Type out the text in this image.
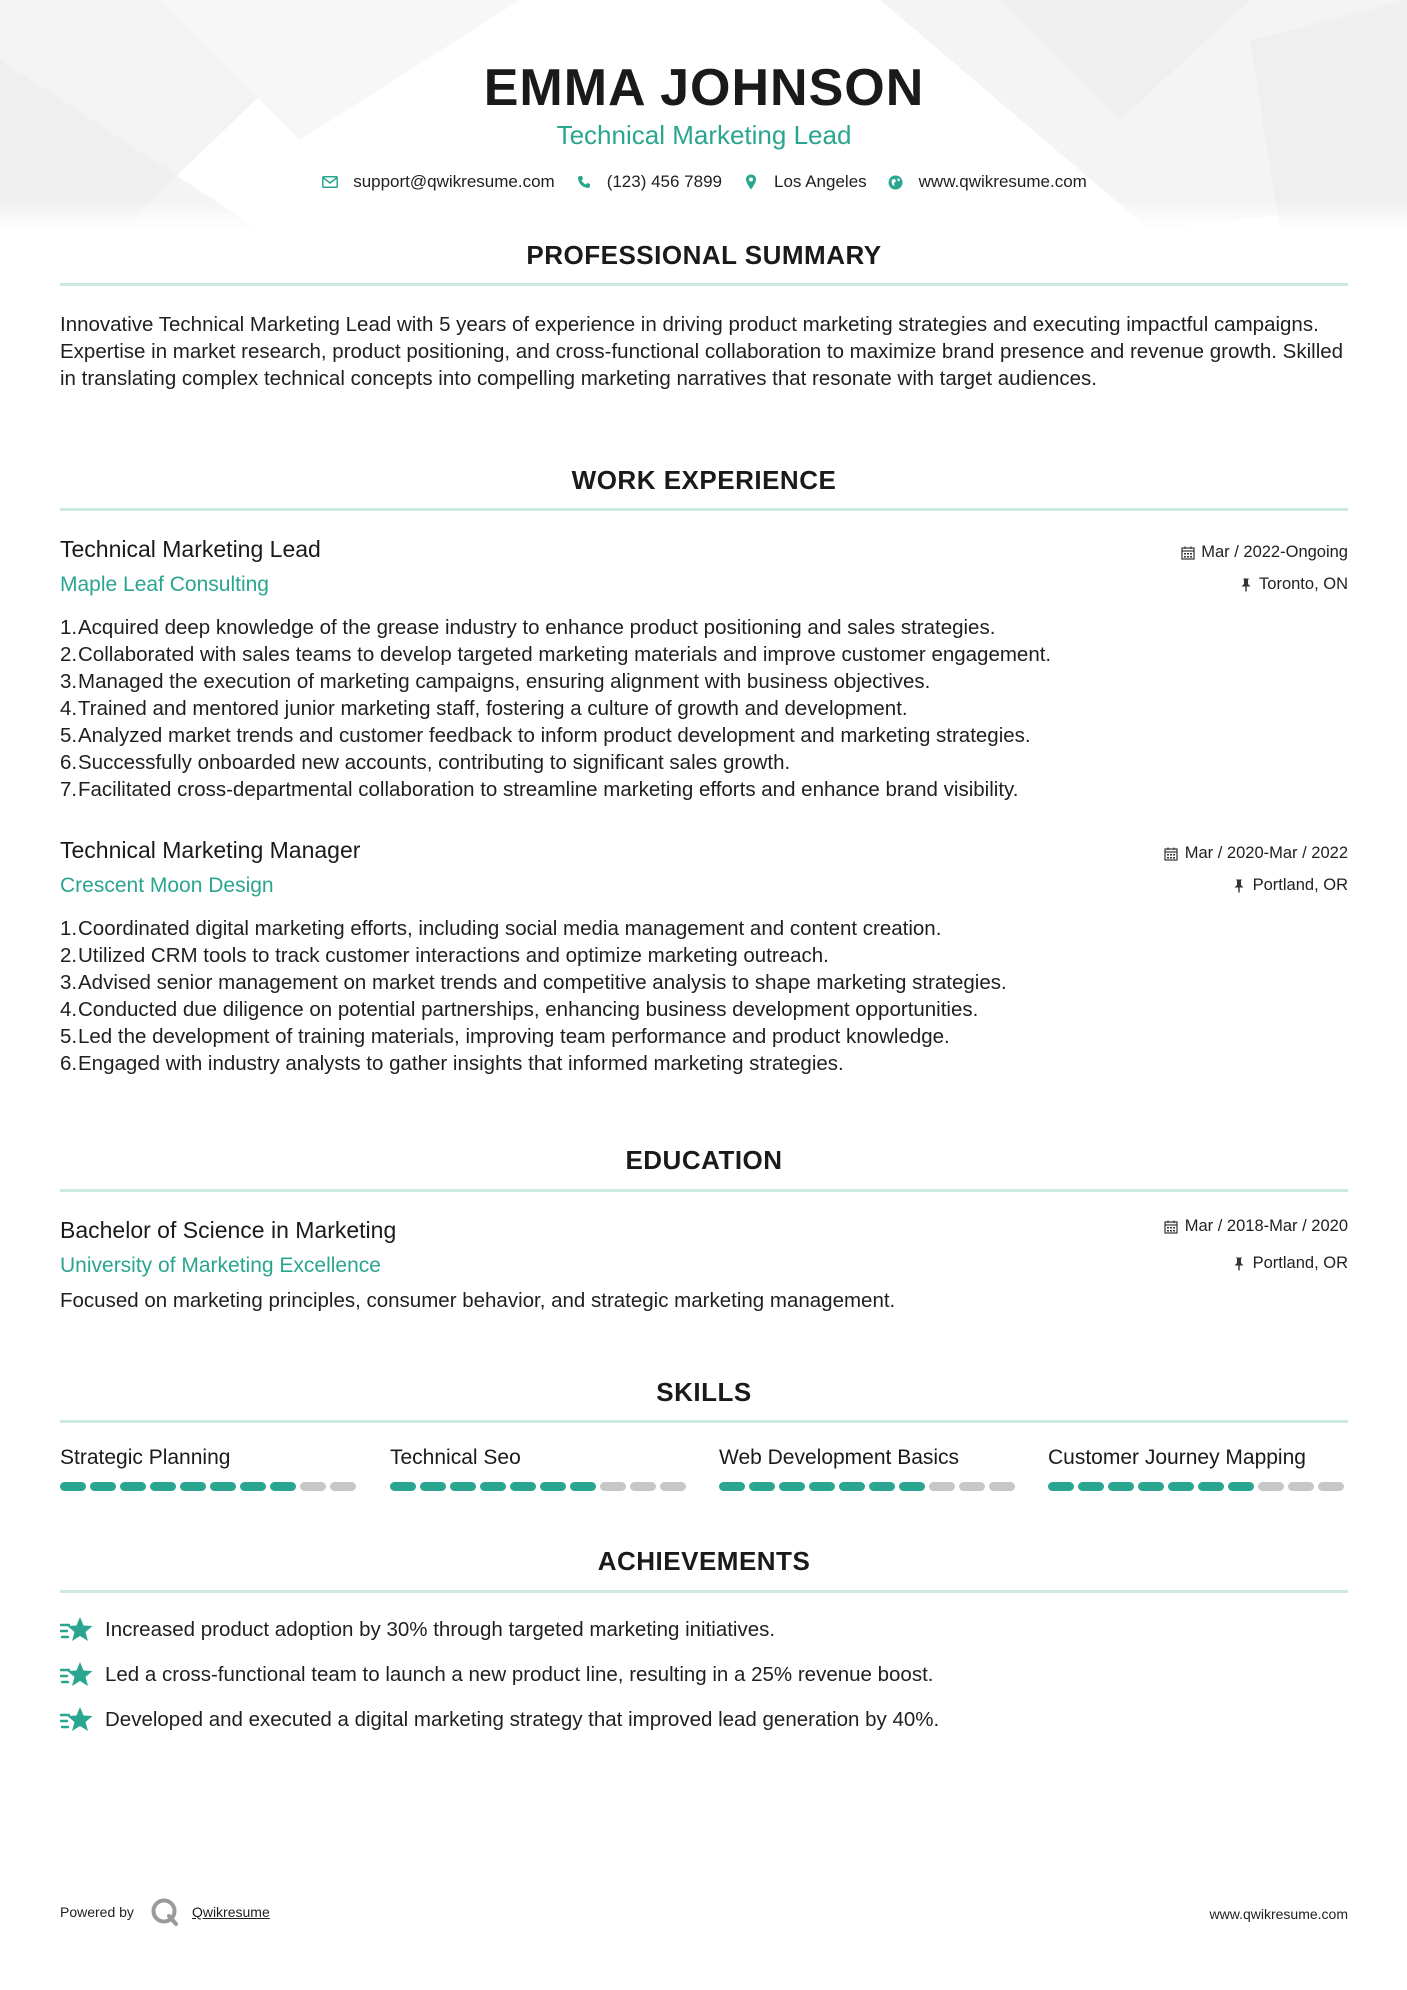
EMMA JOHNSON
Technical Marketing Lead
support@qwikresume.com	(123) 456 7899	Los Angeles	www.qwikresume.com
PROFESSIONAL SUMMARY
Innovative Technical Marketing Lead with 5 years of experience in driving product marketing strategies and executing impactful campaigns. Expertise in market research, product positioning, and cross-functional collaboration to maximize brand presence and revenue growth. Skilled in translating complex technical concepts into compelling marketing narratives that resonate with target audiences.
WORK EXPERIENCE
Technical Marketing Lead
Maple Leaf Consulting
Mar / 2022-Ongoing
Toronto, ON
1. Acquired deep knowledge of the grease industry to enhance product positioning and sales strategies.
2. Collaborated with sales teams to develop targeted marketing materials and improve customer engagement.
3. Managed the execution of marketing campaigns, ensuring alignment with business objectives.
4. Trained and mentored junior marketing staff, fostering a culture of growth and development.
5. Analyzed market trends and customer feedback to inform product development and marketing strategies.
6. Successfully onboarded new accounts, contributing to significant sales growth.
7. Facilitated cross-departmental collaboration to streamline marketing efforts and enhance brand visibility.
Technical Marketing Manager
Crescent Moon Design
Mar / 2020-Mar / 2022
Portland, OR
1. Coordinated digital marketing efforts, including social media management and content creation.
2. Utilized CRM tools to track customer interactions and optimize marketing outreach.
3. Advised senior management on market trends and competitive analysis to shape marketing strategies.
4. Conducted due diligence on potential partnerships, enhancing business development opportunities.
5. Led the development of training materials, improving team performance and product knowledge.
6. Engaged with industry analysts to gather insights that informed marketing strategies.
EDUCATION
Bachelor of Science in Marketing
University of Marketing Excellence
Mar / 2018-Mar / 2020
Portland, OR
Focused on marketing principles, consumer behavior, and strategic marketing management.
SKILLS
Strategic Planning	Technical Seo	Web Development Basics	Customer Journey Mapping
ACHIEVEMENTS
Increased product adoption by 30% through targeted marketing initiatives.
Led a cross-functional team to launch a new product line, resulting in a 25% revenue boost.
Developed and executed a digital marketing strategy that improved lead generation by 40%.
Powered by	Qwikresume	www.qwikresume.com
